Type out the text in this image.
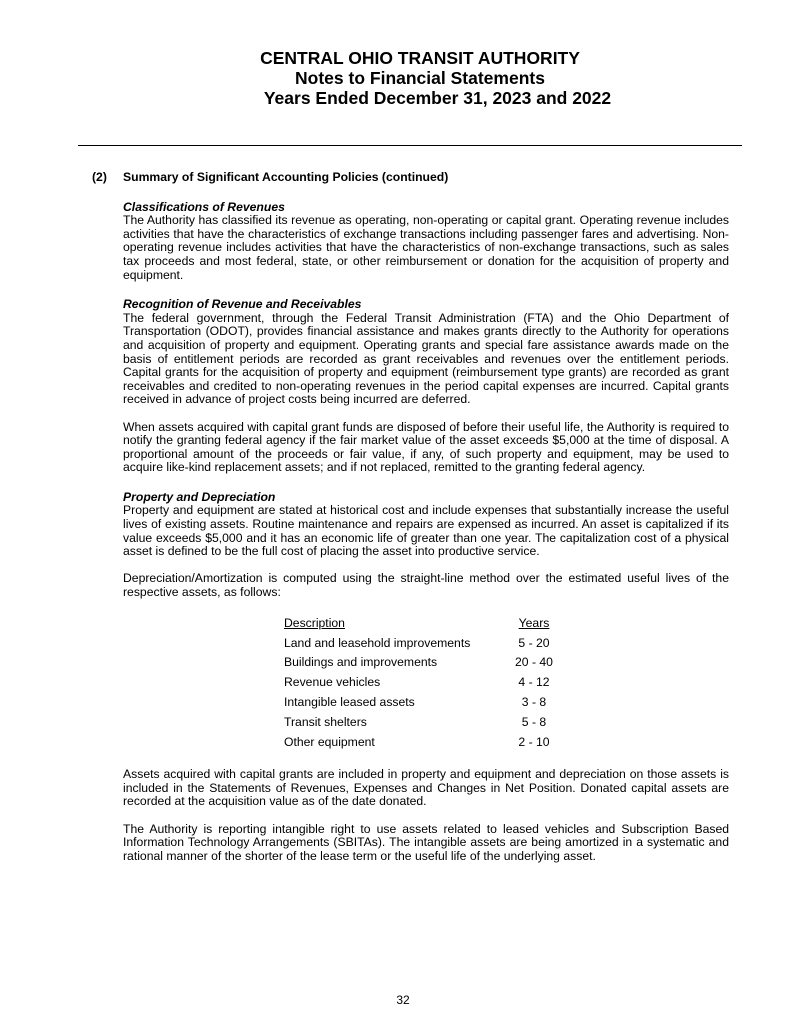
CENTRAL OHIO TRANSIT AUTHORITY
Notes to Financial Statements
Years Ended December 31, 2023 and 2022
(2)	Summary of Significant Accounting Policies (continued)
Classifications of Revenues

The Authority has classified its revenue as operating, non-operating or capital grant. Operating revenue includes activities that have the characteristics of exchange transactions including passenger fares and advertising. Non-operating revenue includes activities that have the characteristics of non-exchange transactions, such as sales tax proceeds and most federal, state, or other reimbursement or donation for the acquisition of property and equipment.

Recognition of Revenue and Receivables

The federal government, through the Federal Transit Administration (FTA) and the Ohio Department of Transportation (ODOT), provides financial assistance and makes grants directly to the Authority for operations and acquisition of property and equipment. Operating grants and special fare assistance awards made on the basis of entitlement periods are recorded as grant receivables and revenues over the entitlement periods. Capital grants for the acquisition of property and equipment (reimbursement type grants) are recorded as grant receivables and credited to non-operating revenues in the period capital expenses are incurred. Capital grants received in advance of project costs being incurred are deferred.

When assets acquired with capital grant funds are disposed of before their useful life, the Authority is required to notify the granting federal agency if the fair market value of the asset exceeds $5,000 at the time of disposal. A proportional amount of the proceeds or fair value, if any, of such property and equipment, may be used to acquire like-kind replacement assets; and if not replaced, remitted to the granting federal agency.

Property and Depreciation

Property and equipment are stated at historical cost and include expenses that substantially increase the useful lives of existing assets. Routine maintenance and repairs are expensed as incurred. An asset is capitalized if its value exceeds $5,000 and it has an economic life of greater than one year. The capitalization cost of a physical asset is defined to be the full cost of placing the asset into productive service.

Depreciation/Amortization is computed using the straight-line method over the estimated useful lives of the respective assets, as follows:

Description	Years
Land and leasehold improvements	5 - 20
Buildings and improvements	20 - 40
Revenue vehicles	4 - 12
Intangible leased assets	3 - 8
Transit shelters	5 - 8
Other equipment	2 - 10

Assets acquired with capital grants are included in property and equipment and depreciation on those assets is included in the Statements of Revenues, Expenses and Changes in Net Position. Donated capital assets are recorded at the acquisition value as of the date donated.

The Authority is reporting intangible right to use assets related to leased vehicles and Subscription Based Information Technology Arrangements (SBITAs). The intangible assets are being amortized in a systematic and rational manner of the shorter of the lease term or the useful life of the underlying asset.

32
